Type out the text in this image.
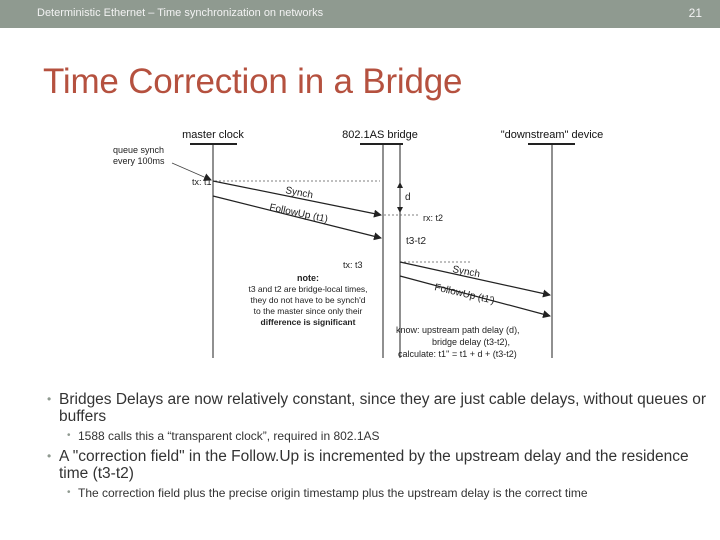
Deterministic Ethernet – Time synchronization on networks	21
Time Correction in a Bridge
master clock	802.1AS bridge	"downstream" device
queue synch
every 100ms
tx: t1
Synch
FollowUp (t1)
d
rx: t2
t3-t2
tx: t3	Synch
FollowUp (t1')
note:
t3 and t2 are bridge-local times,
they do not have to be synch'd
to the master since only their
difference is significant
know: upstream path delay (d),
bridge delay (t3-t2),
calculate: t1'' = t1 + d + (t3-t2)
• Bridges Delays are now relatively constant, since they are just cable delays, without queues or buffers
• 1588 calls this a “transparent clock”, required in 802.1AS
• A "correction field" in the Follow.Up is incremented by the upstream delay and the residence time (t3-t2)
• The correction field plus the precise origin timestamp plus the upstream delay is the correct time
